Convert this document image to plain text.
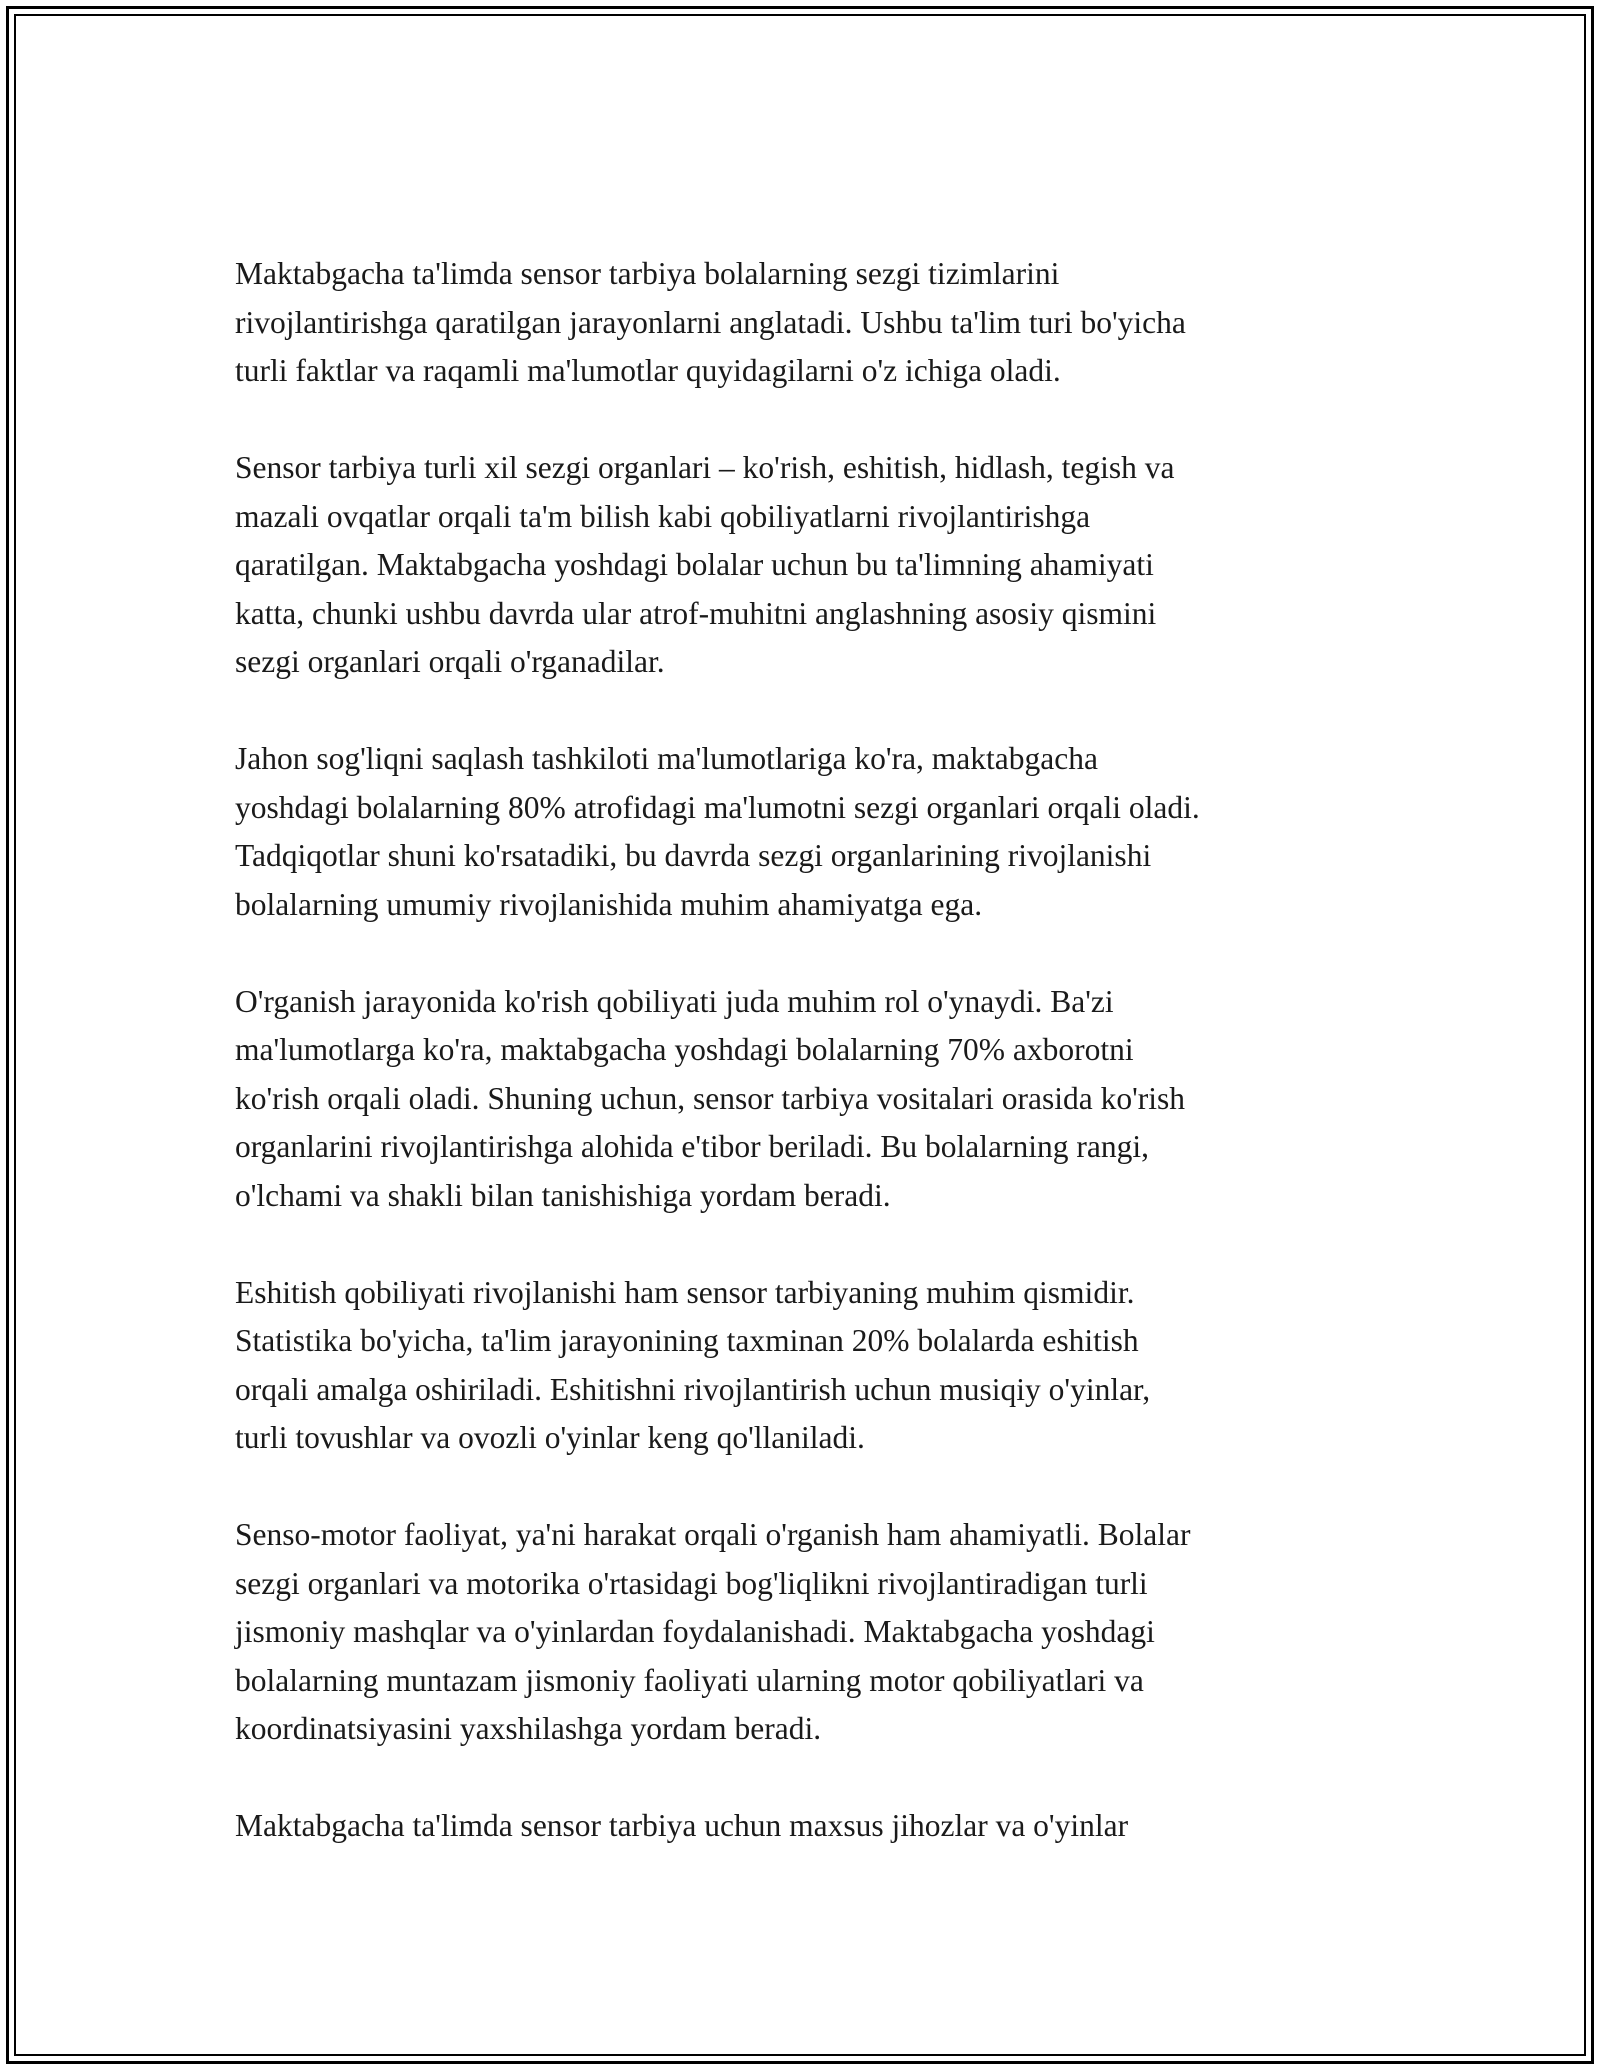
Maktabgacha ta'limda sensor tarbiya bolalarning sezgi tizimlarini
rivojlantirishga qaratilgan jarayonlarni anglatadi. Ushbu ta'lim turi bo'yicha
turli faktlar va raqamli ma'lumotlar quyidagilarni o'z ichiga oladi.

Sensor tarbiya turli xil sezgi organlari – ko'rish, eshitish, hidlash, tegish va
mazali ovqatlar orqali ta'm bilish kabi qobiliyatlarni rivojlantirishga
qaratilgan. Maktabgacha yoshdagi bolalar uchun bu ta'limning ahamiyati
katta, chunki ushbu davrda ular atrof-muhitni anglashning asosiy qismini
sezgi organlari orqali o'rganadilar.

Jahon sog'liqni saqlash tashkiloti ma'lumotlariga ko'ra, maktabgacha
yoshdagi bolalarning 80% atrofidagi ma'lumotni sezgi organlari orqali oladi.
Tadqiqotlar shuni ko'rsatadiki, bu davrda sezgi organlarining rivojlanishi
bolalarning umumiy rivojlanishida muhim ahamiyatga ega.

O'rganish jarayonida ko'rish qobiliyati juda muhim rol o'ynaydi. Ba'zi
ma'lumotlarga ko'ra, maktabgacha yoshdagi bolalarning 70% axborotni
ko'rish orqali oladi. Shuning uchun, sensor tarbiya vositalari orasida ko'rish
organlarini rivojlantirishga alohida e'tibor beriladi. Bu bolalarning rangi,
o'lchami va shakli bilan tanishishiga yordam beradi.

Eshitish qobiliyati rivojlanishi ham sensor tarbiyaning muhim qismidir.
Statistika bo'yicha, ta'lim jarayonining taxminan 20% bolalarda eshitish
orqali amalga oshiriladi. Eshitishni rivojlantirish uchun musiqiy o'yinlar,
turli tovushlar va ovozli o'yinlar keng qo'llaniladi.

Senso-motor faoliyat, ya'ni harakat orqali o'rganish ham ahamiyatli. Bolalar
sezgi organlari va motorika o'rtasidagi bog'liqlikni rivojlantiradigan turli
jismoniy mashqlar va o'yinlardan foydalanishadi. Maktabgacha yoshdagi
bolalarning muntazam jismoniy faoliyati ularning motor qobiliyatlari va
koordinatsiyasini yaxshilashga yordam beradi.

Maktabgacha ta'limda sensor tarbiya uchun maxsus jihozlar va o'yinlar
